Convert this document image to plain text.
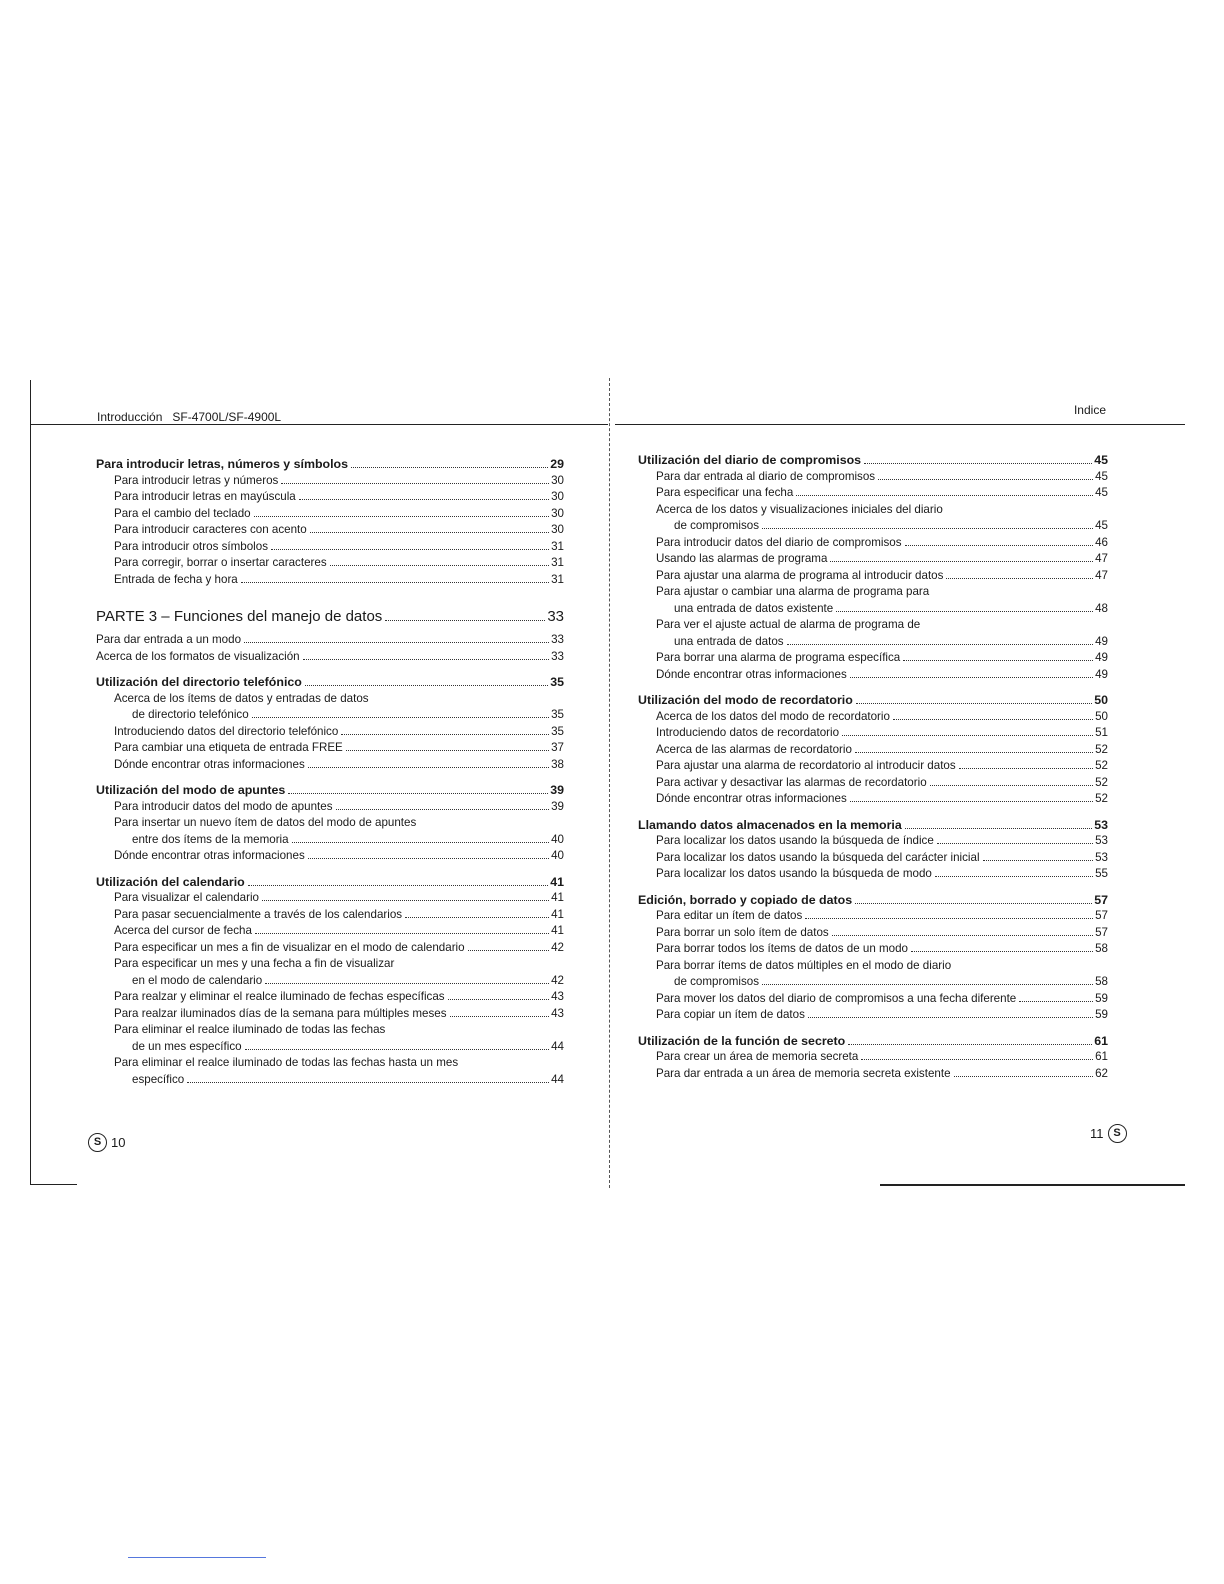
Introducción   SF-4700L/SF-4900L	Indice
Para introducir letras, números y símbolos	29
Para introducir letras y números	30
Para introducir letras en mayúscula	30
Para el cambio del teclado	30
Para introducir caracteres con acento	30
Para introducir otros símbolos	31
Para corregir, borrar o insertar caracteres	31
Entrada de fecha y hora	31
PARTE 3 – Funciones del manejo de datos	33
Para dar entrada a un modo	33
Acerca de los formatos de visualización	33
Utilización del directorio telefónico	35
Acerca de los ítems de datos y entradas de datos
de directorio telefónico	35
Introduciendo datos del directorio telefónico	35
Para cambiar una etiqueta de entrada FREE	37
Dónde encontrar otras informaciones	38
Utilización del modo de apuntes	39
Para introducir datos del modo de apuntes	39
Para insertar un nuevo ítem de datos del modo de apuntes
entre dos ítems de la memoria	40
Dónde encontrar otras informaciones	40
Utilización del calendario	41
Para visualizar el calendario	41
Para pasar secuencialmente a través de los calendarios	41
Acerca del cursor de fecha	41
Para especificar un mes a fin de visualizar en el modo de calendario	42
Para especificar un mes y una fecha a fin de visualizar
en el modo de calendario	42
Para realzar y eliminar el realce iluminado de fechas específicas	43
Para realzar iluminados días de la semana para múltiples meses	43
Para eliminar el realce iluminado de todas las fechas
de un mes específico	44
Para eliminar el realce iluminado de todas las fechas hasta un mes
específico	44
Utilización del diario de compromisos	45
Para dar entrada al diario de compromisos	45
Para especificar una fecha	45
Acerca de los datos y visualizaciones iniciales del diario
de compromisos	45
Para introducir datos del diario de compromisos	46
Usando las alarmas de programa	47
Para ajustar una alarma de programa al introducir datos	47
Para ajustar o cambiar una alarma de programa para
una entrada de datos existente	48
Para ver el ajuste actual de alarma de programa de
una entrada de datos	49
Para borrar una alarma de programa específica	49
Dónde encontrar otras informaciones	49
Utilización del modo de recordatorio	50
Acerca de los datos del modo de recordatorio	50
Introduciendo datos de recordatorio	51
Acerca de las alarmas de recordatorio	52
Para ajustar una alarma de recordatorio al introducir datos	52
Para activar y desactivar las alarmas de recordatorio	52
Dónde encontrar otras informaciones	52
Llamando datos almacenados en la memoria	53
Para localizar los datos usando la búsqueda de índice	53
Para localizar los datos usando la búsqueda del carácter inicial	53
Para localizar los datos usando la búsqueda de modo	55
Edición, borrado y copiado de datos	57
Para editar un ítem de datos	57
Para borrar un solo ítem de datos	57
Para borrar todos los ítems de datos de un modo	58
Para borrar ítems de datos múltiples en el modo de diario
de compromisos	58
Para mover los datos del diario de compromisos a una fecha diferente	59
Para copiar un ítem de datos	59
Utilización de la función de secreto	61
Para crear un área de memoria secreta	61
Para dar entrada a un área de memoria secreta existente	62
S 10
11 S
